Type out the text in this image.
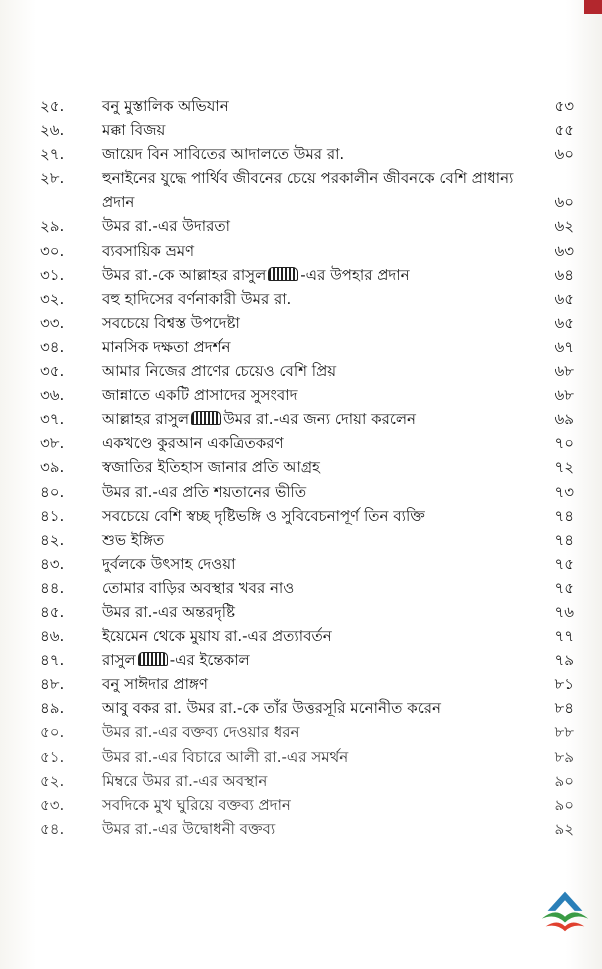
২৫.	বনু মুস্তালিক অভিযান	৫৩
২৬.	মক্কা বিজয়	৫৫
২৭.	জায়েদ বিন সাবিতের আদালতে উমর রা.	৬০
২৮.	হুনাইনের যুদ্ধে পার্থিব জীবনের চেয়ে পরকালীন জীবনকে বেশি প্রাধান্য প্রদান	৬০
২৯.	উমর রা.-এর উদারতা	৬২
৩০.	ব্যবসায়িক ভ্রমণ	৬৩
৩১.	উমর রা.-কে আল্লাহর রাসুল -এর উপহার প্রদান	৬৪
৩২.	বহু হাদিসের বর্ণনাকারী উমর রা.	৬৫
৩৩.	সবচেয়ে বিশ্বস্ত উপদেষ্টা	৬৫
৩৪.	মানসিক দক্ষতা প্রদর্শন	৬৭
৩৫.	আমার নিজের প্রাণের চেয়েও বেশি প্রিয়	৬৮
৩৬.	জান্নাতে একটি প্রাসাদের সুসংবাদ	৬৮
৩৭.	আল্লাহর রাসুল উমর রা.-এর জন্য দোয়া করলেন	৬৯
৩৮.	একখণ্ডে কুরআন একত্রিতকরণ	৭০
৩৯.	স্বজাতির ইতিহাস জানার প্রতি আগ্রহ	৭২
৪০.	উমর রা.-এর প্রতি শয়তানের ভীতি	৭৩
৪১.	সবচেয়ে বেশি স্বচ্ছ দৃষ্টিভঙ্গি ও সুবিবেচনাপূর্ণ তিন ব্যক্তি	৭৪
৪২.	শুভ ইঙ্গিত	৭৪
৪৩.	দুর্বলকে উৎসাহ দেওয়া	৭৫
৪৪.	তোমার বাড়ির অবস্থার খবর নাও	৭৫
৪৫.	উমর রা.-এর অন্তরদৃষ্টি	৭৬
৪৬.	ইয়েমেন থেকে মুয়ায রা.-এর প্রত্যাবর্তন	৭৭
৪৭.	রাসুল -এর ইন্তেকাল	৭৯
৪৮.	বনু সাঈদার প্রাঙ্গণ	৮১
৪৯.	আবু বকর রা. উমর রা.-কে তাঁর উত্তরসূরি মনোনীত করেন	৮৪
৫০.	উমর রা.-এর বক্তব্য দেওয়ার ধরন	৮৮
৫১.	উমর রা.-এর বিচারে আলী রা.-এর সমর্থন	৮৯
৫২.	মিম্বরে উমর রা.-এর অবস্থান	৯০
৫৩.	সবদিকে মুখ ঘুরিয়ে বক্তব্য প্রদান	৯০
৫৪.	উমর রা.-এর উদ্বোধনী বক্তব্য	৯২
